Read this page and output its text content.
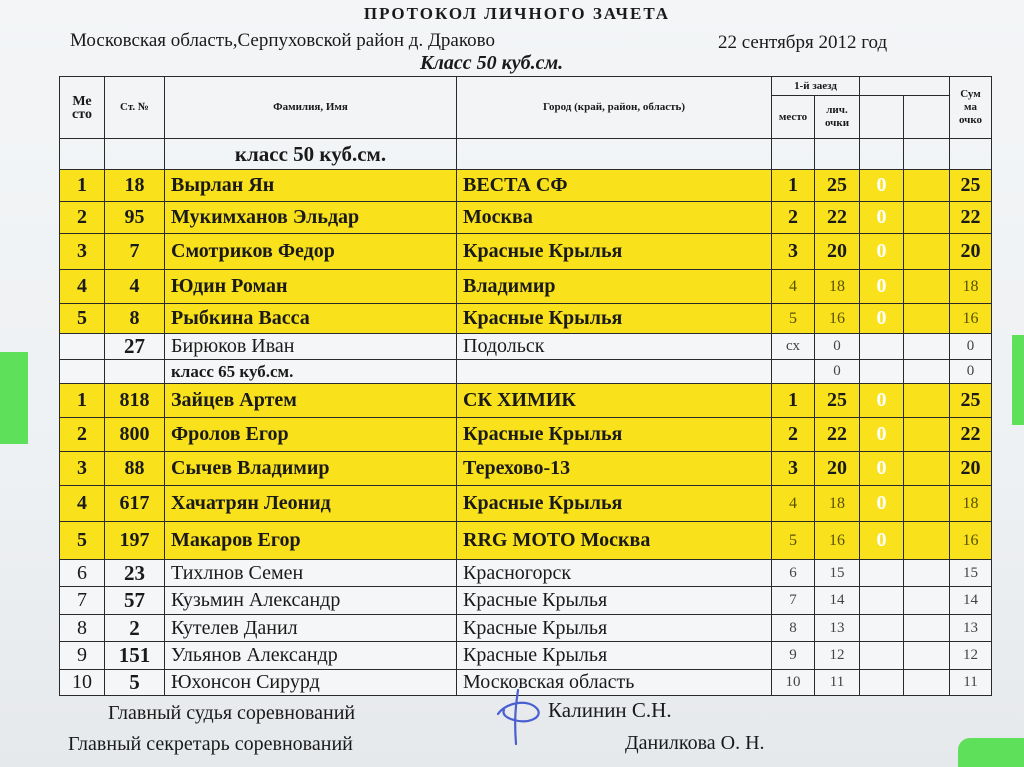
ПРОТОКОЛ ЛИЧНОГО ЗАЧЕТА
Московская область,Серпуховской район д. Драково	22 сентября 2012 год
Класс 50 куб.см.
Ме сто	Ст. №	Фамилия, Имя	Город (край, район, область)	1-й заезд				Сум ма очко
				место	лич. очки			
		класс 50 куб.см.						
1	18	Вырлан Ян	ВЕСТА СФ	1	25	0		25
2	95	Мукимханов Эльдар	Москва	2	22	0		22
3	7	Смотриков Федор	Красные Крылья	3	20	0		20
4	4	Юдин Роман	Владимир	4	18	0		18
5	8	Рыбкина Васса	Красные Крылья	5	16	0		16
	27	Бирюков Иван	Подольск	сх	0			0
		класс 65 куб.см.			0			0
1	818	Зайцев Артем	СК ХИМИК	1	25	0		25
2	800	Фролов Егор	Красные Крылья	2	22	0		22
3	88	Сычев Владимир	Терехово-13	3	20	0		20
4	617	Хачатрян Леонид	Красные Крылья	4	18	0		18
5	197	Макаров Егор	RRG МОТО Москва	5	16	0		16
6	23	Тихлнов Семен	Красногорск	6	15			15
7	57	Кузьмин Александр	Красные Крылья	7	14			14
8	2	Кутелев Данил	Красные Крылья	8	13			13
9	151	Ульянов Александр	Красные Крылья	9	12			12
10	5	Юхонсон Сирурд	Московская область	10	11			11
Главный судья соревнований	Калинин С.Н.
Главный секретарь соревнований	Данилкова О. Н.
